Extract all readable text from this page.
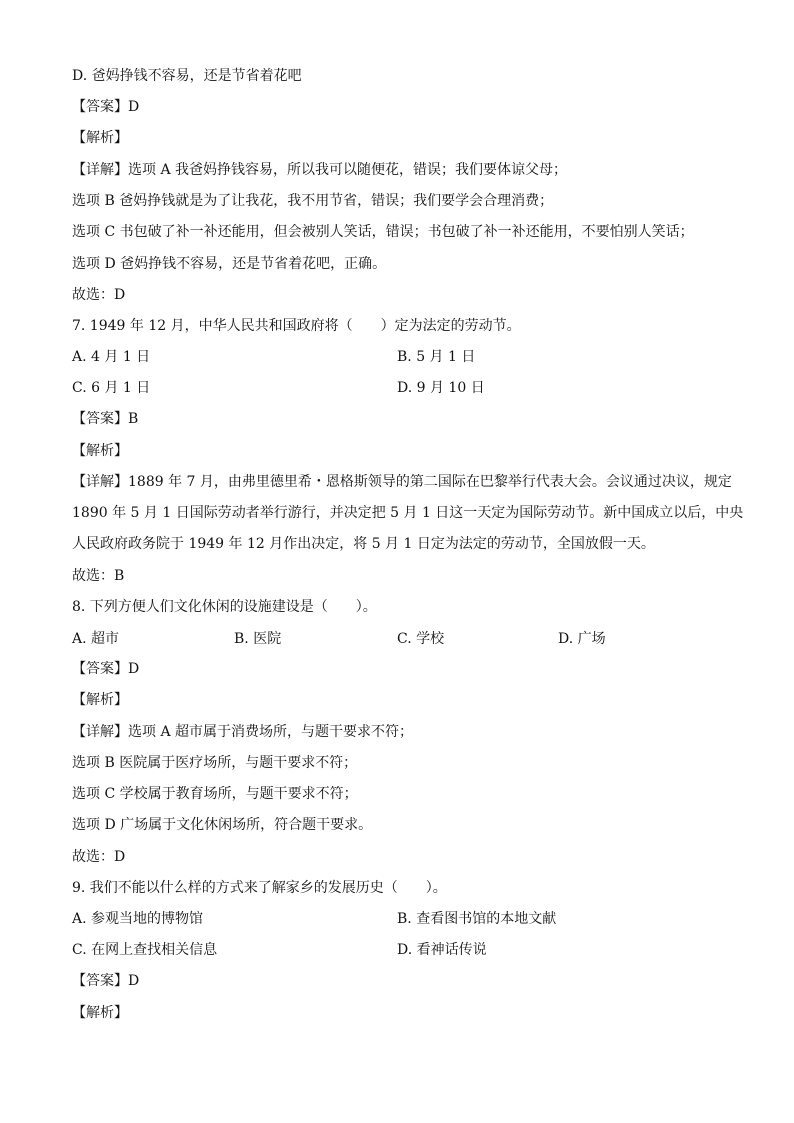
D. 爸妈挣钱不容易，还是节省着花吧
【答案】D
【解析】
【详解】选项 A 我爸妈挣钱容易，所以我可以随便花，错误；我们要体谅父母；
选项 B 爸妈挣钱就是为了让我花，我不用节省，错误；我们要学会合理消费；
选项 C 书包破了补一补还能用，但会被别人笑话，错误；书包破了补一补还能用，不要怕别人笑话；
选项 D 爸妈挣钱不容易，还是节省着花吧，正确。
故选：D
7. 1949 年 12 月，中华人民共和国政府将（　　）定为法定的劳动节。
A. 4 月 1 日	B. 5 月 1 日
C. 6 月 1 日	D. 9 月 10 日
【答案】B
【解析】
【详解】1889 年 7 月，由弗里德里希・恩格斯领导的第二国际在巴黎举行代表大会。会议通过决议，规定
1890 年 5 月 1 日国际劳动者举行游行，并决定把 5 月 1 日这一天定为国际劳动节。新中国成立以后，中央
人民政府政务院于 1949 年 12 月作出决定，将 5 月 1 日定为法定的劳动节，全国放假一天。
故选：B
8. 下列方便人们文化休闲的设施建设是（　　）。
A. 超市	B. 医院	C. 学校	D. 广场
【答案】D
【解析】
【详解】选项 A 超市属于消费场所，与题干要求不符；
选项 B 医院属于医疗场所，与题干要求不符；
选项 C 学校属于教育场所，与题干要求不符；
选项 D 广场属于文化休闲场所，符合题干要求。
故选：D
9. 我们不能以什么样的方式来了解家乡的发展历史（　　）。
A. 参观当地的博物馆	B. 查看图书馆的本地文献
C. 在网上查找相关信息	D. 看神话传说
【答案】D
【解析】
